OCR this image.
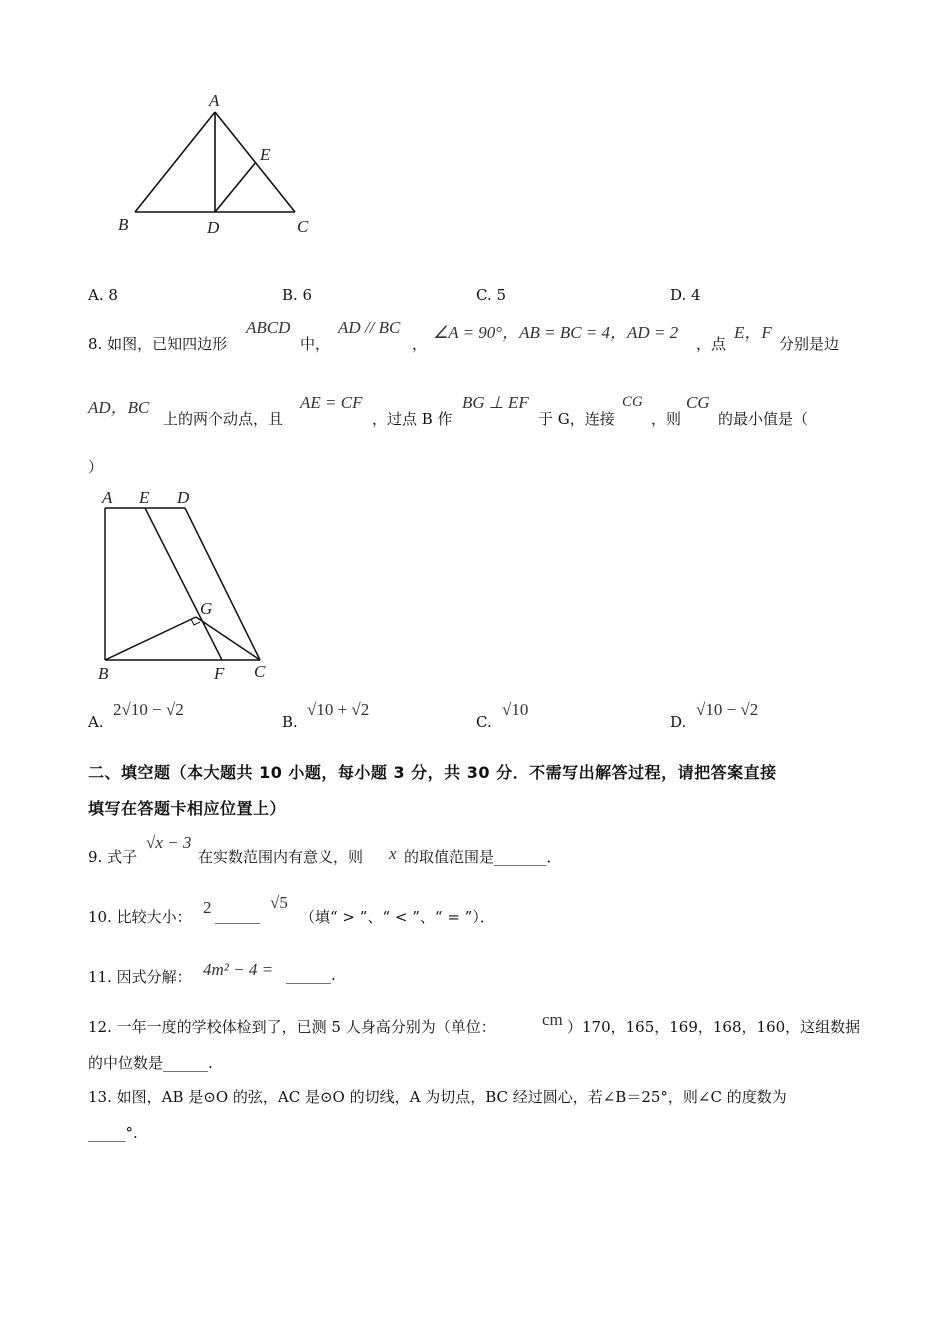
A
B	D	C
E
A. 8	B. 6	C. 5	D. 4
8. 如图，已知四边形
ABCD
中，
AD // BC
，
∠A = 90°，AB = BC = 4，AD = 2
，点
E，F
分别是边
AD，BC
上的两个动点，且
AE = CF
，过点 B 作
BG ⊥ EF
于 G，连接
CG
，则
CG
的最小值是（
）
A E D
G
B	F C
A.
2√10 − √2
B.
√10 + √2
C.
√10
D.
√10 − √2
二、填空题（本大题共 10 小题，每小题 3 分，共 30 分．不需写出解答过程，请把答案直接
填写在答题卡相应位置上）
9. 式子
√x − 3
在实数范围内有意义，则 x 的取值范围是_______．
10. 比较大小： 2 ______
√5
（填“ > ”、“ < ”、“ = ”）．
11. 因式分解： 4m² − 4 = ______.
12. 一年一度的学校体检到了，已测 5 人身高分别为（单位：	cm ）170，165，169，168，160，这组数据
的中位数是______.
13. 如图，AB 是⊙O 的弦，AC 是⊙O 的切线，A 为切点，BC 经过圆心，若∠B＝25°，则∠C 的度数为
_____°.
